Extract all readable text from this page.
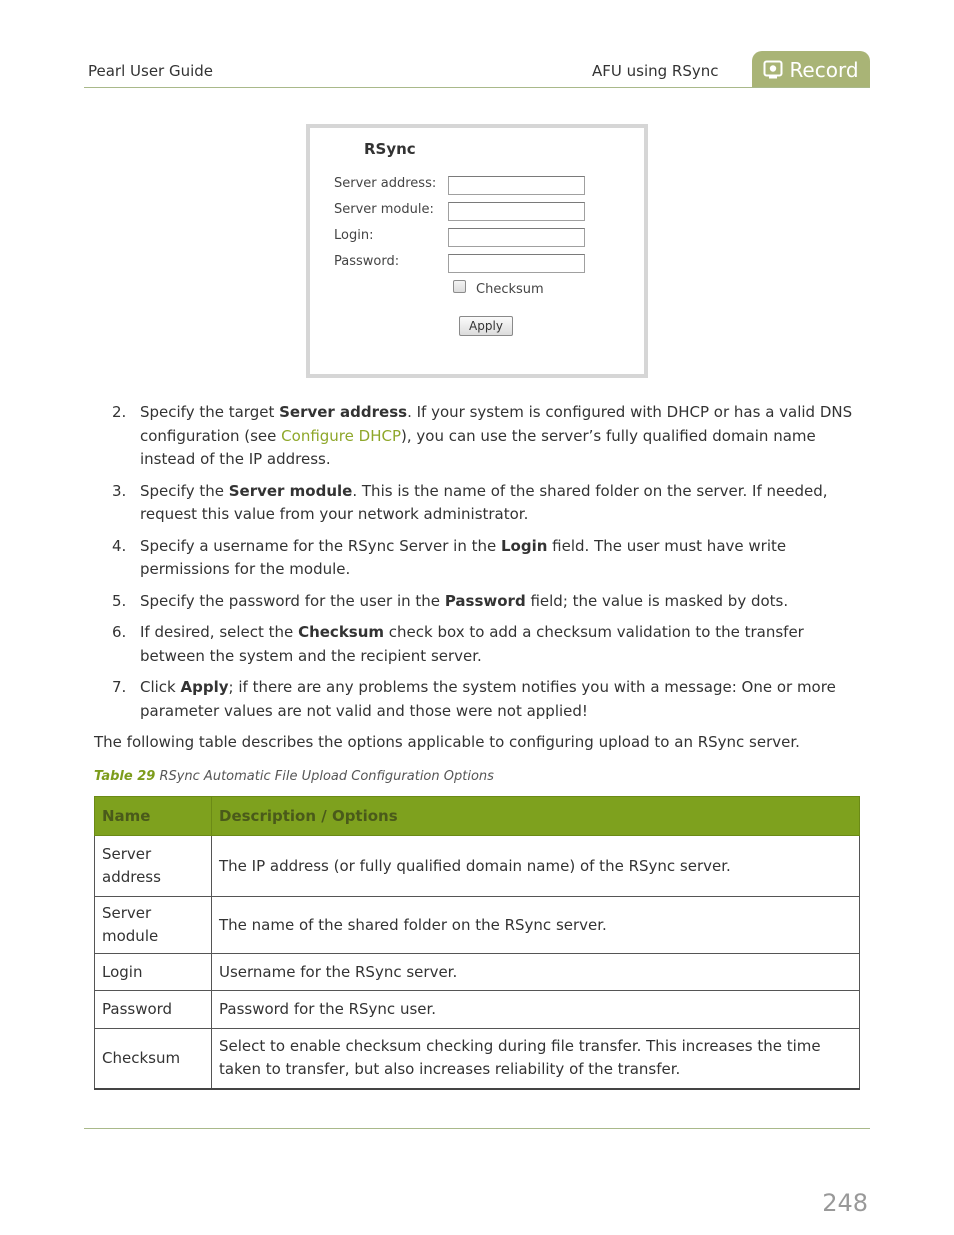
Pearl User Guide	AFU using RSync	Record
RSync
Server address:
Server module:
Login:
Password:
Checksum
Apply
2. Specify the target Server address. If your system is configured with DHCP or has a valid DNS configuration (see Configure DHCP), you can use the server’s fully qualified domain name instead of the IP address.
3. Specify the Server module. This is the name of the shared folder on the server. If needed, request this value from your network administrator.
4. Specify a username for the RSync Server in the Login field. The user must have write permissions for the module.
5. Specify the password for the user in the Password field; the value is masked by dots.
6. If desired, select the Checksum check box to add a checksum validation to the transfer between the system and the recipient server.
7. Click Apply; if there are any problems the system notifies you with a message: One or more parameter values are not valid and those were not applied!
The following table describes the options applicable to configuring upload to an RSync server.
Table 29 RSync Automatic File Upload Configuration Options
Name	Description / Options
Server address	The IP address (or fully qualified domain name) of the RSync server.
Server module	The name of the shared folder on the RSync server.
Login	Username for the RSync server.
Password	Password for the RSync user.
Checksum	Select to enable checksum checking during file transfer. This increases the time taken to transfer, but also increases reliability of the transfer.
248
